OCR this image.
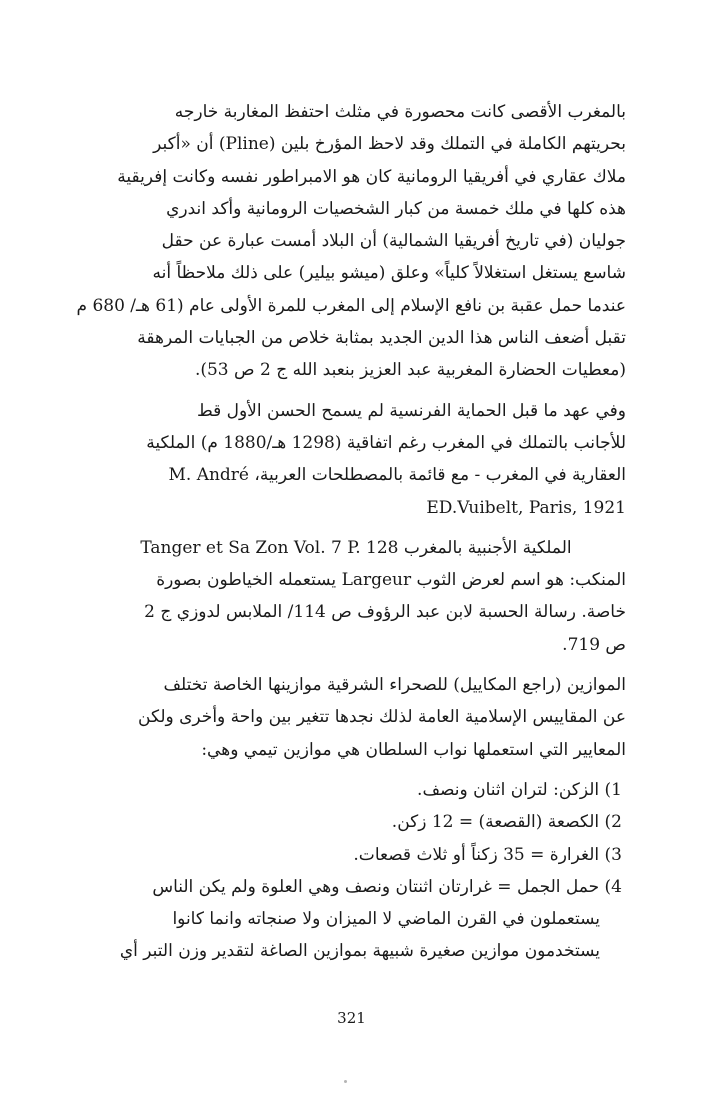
بالمغرب الأقصى كانت محصورة في مثلث احتفظ المغاربة خارجه
بحريتهم الكاملة في التملك وقد لاحظ المؤرخ بلين (Pline) أن «أكبر
ملاك عقاري في أفريقيا الرومانية كان هو الامبراطور نفسه وكانت إفريقية
هذه كلها في ملك خمسة من كبار الشخصيات الرومانية وأكد اندري
جوليان (في تاريخ أفريقيا الشمالية) أن البلاد أمست عبارة عن حقل
شاسع يستغل استغلالاً كلياً» وعلق (ميشو بيلير) على ذلك ملاحظاً أنه
عندما حمل عقبة بن نافع الإسلام إلى المغرب للمرة الأولى عام (61 هـ/ 680 م
تقبل أضعف الناس هذا الدين الجديد بمثابة خلاص من الجبايات المرهقة
(معطيات الحضارة المغربية عبد العزيز بنعبد الله ج 2 ص 53).
وفي عهد ما قبل الحماية الفرنسية لم يسمح الحسن الأول قط
للأجانب بالتملك في المغرب رغم اتفاقية (1298 هـ/1880 م) الملكية
العقارية في المغرب - مع قائمة بالمصطلحات العربية، M. André
ED.Vuibelt, Paris, 1921
الملكية الأجنبية بالمغرب Tanger et Sa Zon Vol. 7 P. 128
المنكب: هو اسم لعرض الثوب Largeur يستعمله الخياطون بصورة
خاصة. رسالة الحسبة لابن عبد الرؤوف ص 114/ الملابس لدوزي ج 2
ص 719.
الموازين (راجع المكاييل) للصحراء الشرقية موازينها الخاصة تختلف
عن المقاييس الإسلامية العامة لذلك نجدها تتغير بين واحة وأخرى ولكن
المعايير التي استعملها نواب السلطان هي موازين تيمي وهي:
1) الزكن: لتران اثنان ونصف.
2) الكصعة (القصعة) = 12 زكن.
3) الغرارة = 35 زكناً أو ثلاث قصعات.
4) حمل الجمل = غرارتان اثنتان ونصف وهي العلوة ولم يكن الناس
يستعملون في القرن الماضي لا الميزان ولا صنجاته وانما كانوا
يستخدمون موازين صغيرة شبيهة بموازين الصاغة لتقدير وزن التبر أي
321
